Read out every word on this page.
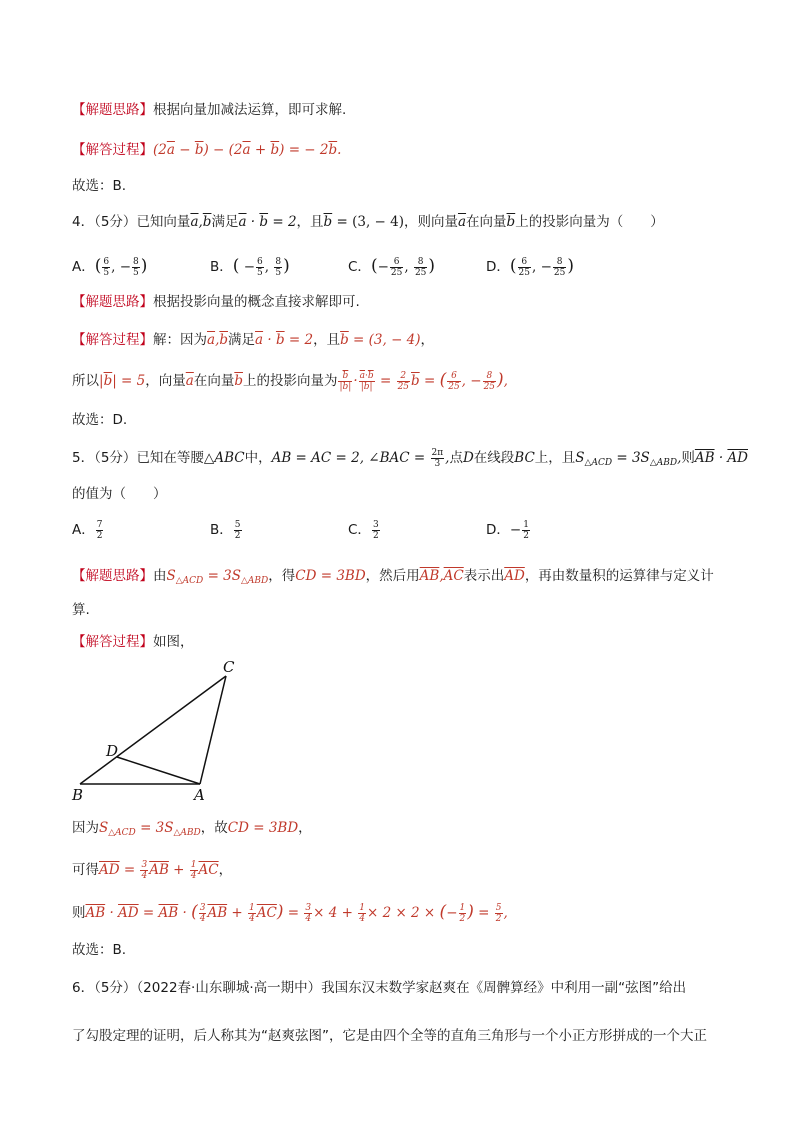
【解题思路】根据向量加减法运算，即可求解.
【解答过程】$(2\overline{a} - \overline{b}) - (2\overline{a} + \overline{b})$ = − $2\overline{b}$.
故选：B.
4．（5分）已知向量$\overline{a},\overline{b}$满足$\overline{a} \cdot \overline{b} = 2$，且$\overline{b} = (3$, − 4)，则向量$\overline{a}$在向量$\overline{b}$上的投影向量为（　　）
A．( $\frac{6}{5}$ , − $\frac{8}{5}$ )	B．( − $\frac{6}{5}$ , $\frac{8}{5}$ )	C．(− $\frac{6}{25}$ , $\frac{8}{25}$ )	D．( $\frac{6}{25}$ , − $\frac{8}{25}$ )
【解题思路】根据投影向量的概念直接求解即可.
【解答过程】解：因为$\overline{a},\overline{b}$满足$\overline{a} \cdot \overline{b} = 2$，且$\overline{b} = (3$, − 4)，
所以$|\overline{b}| = 5$，向量$\overline{a}$在向量$\overline{b}$上的投影向量为 $\frac{\overline{b}}{|\overline{b}|} \cdot \frac{\overline{a}\cdot\overline{b}}{|\overline{b}|} = \frac{2}{25} \overline{b}$ = ( $\frac{6}{25}$ , − $\frac{8}{25}$ ),
故选：D.
5．（5分）已知在等腰△ABC中，AB = AC = 2, ∠BAC = $\frac{2\pi}{3}$ ,点D在线段BC上，且$S_{\triangle ACD} = 3S_{\triangle ABD}$,则$\overline{AB} \cdot \overline{AD}$
的值为（　　）
A． $\frac{7}{2}$	B． $\frac{5}{2}$	C． $\frac{3}{2}$	D．− $\frac{1}{2}$
【解题思路】由$S_{\triangle ACD} = 3S_{\triangle ABD}$，得CD = 3BD，然后用$\overline{AB},\overline{AC}$表示出$\overline{AD}$，再由数量积的运算律与定义计
算.
【解答过程】如图，
C
D
B	A
因为$S_{\triangle ACD} = 3S_{\triangle ABD}$，故CD = 3BD，
可得$\overline{AD} = \frac{3}{4} \overline{AB} + \frac{1}{4} \overline{AC}$，
则$\overline{AB} \cdot \overline{AD} = \overline{AB}$ · ( $\frac{3}{4} \overline{AB} + \frac{1}{4} \overline{AC}) = \frac{3}{4} \times 4 + \frac{1}{4} \times 2 \times 2$ × (− $\frac{1}{2}$ ) = $\frac{5}{2}$ ,
故选：B.
6．（5分）（2022春·山东聊城·高一期中）我国东汉末数学家赵爽在《周髀算经》中利用一副“弦图”给出
了勾股定理的证明，后人称其为“赵爽弦图”，它是由四个全等的直角三角形与一个小正方形拼成的一个大正
